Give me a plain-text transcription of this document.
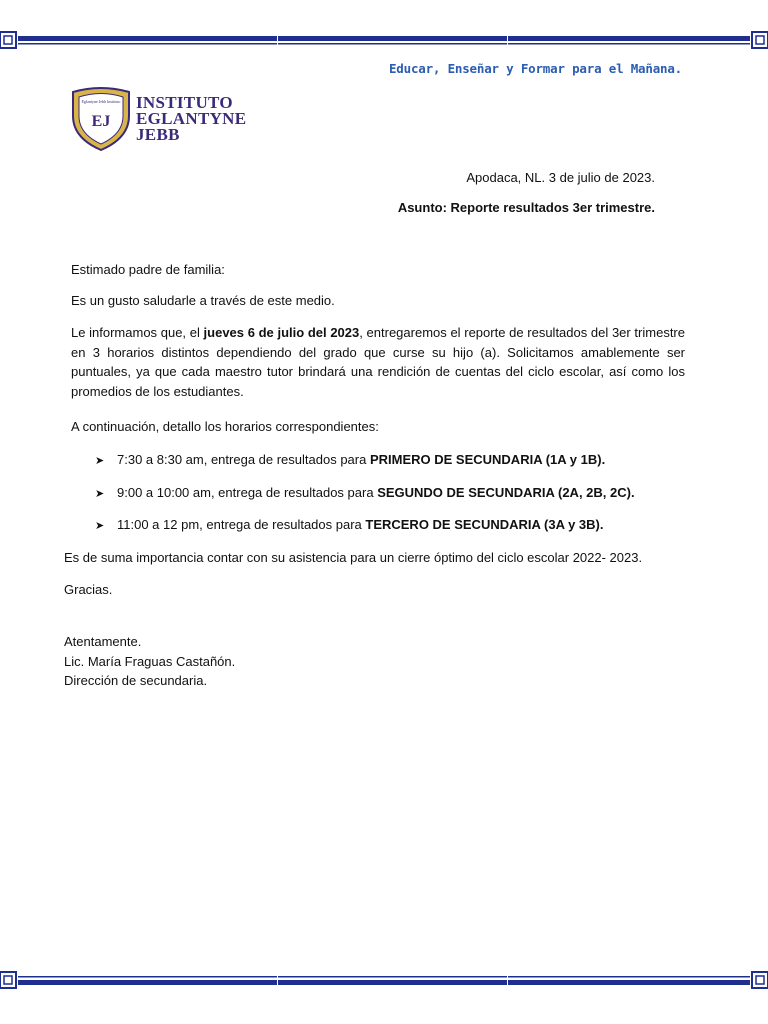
Educar, Enseñar y Formar para el Mañana.
EJ
Eglantyne Jebb Instituto INSTITUTO
EGLANTYNE
JEBB
Apodaca, NL. 3 de julio de 2023.
Asunto: Reporte resultados 3er trimestre.
Estimado padre de familia:
Es un gusto saludarle a través de este medio.
Le informamos que, el jueves 6 de julio del 2023, entregaremos el reporte de resultados del 3er trimestre en 3 horarios distintos dependiendo del grado que curse su hijo (a). Solicitamos amablemente ser puntuales, ya que cada maestro tutor brindará una rendición de cuentas del ciclo escolar, así como los promedios de los estudiantes.
A continuación, detallo los horarios correspondientes:
➤ 7:30 a 8:30 am, entrega de resultados para PRIMERO DE SECUNDARIA (1A y 1B).
➤ 9:00 a 10:00 am, entrega de resultados para SEGUNDO DE SECUNDARIA (2A, 2B, 2C).
➤ 11:00 a 12 pm, entrega de resultados para TERCERO DE SECUNDARIA (3A y 3B).
Es de suma importancia contar con su asistencia para un cierre óptimo del ciclo escolar 2022- 2023.
Gracias.
Atentamente.
Lic. María Fraguas Castañón.
Dirección de secundaria.
